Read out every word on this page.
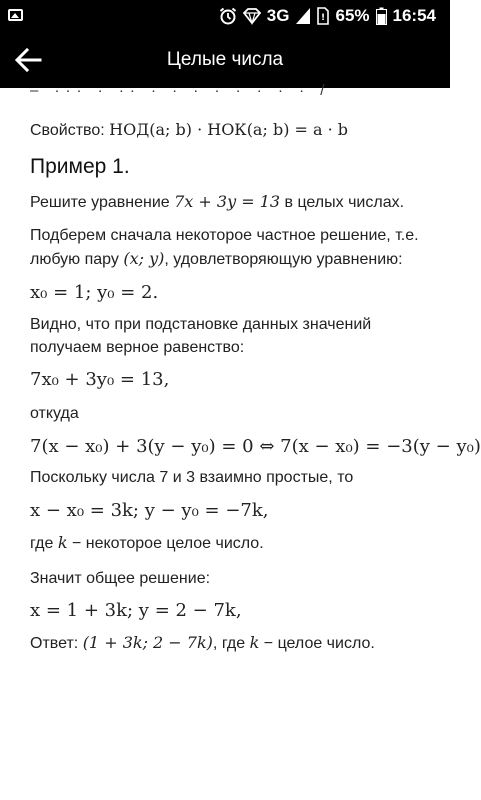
3G	! 65% 16:54
Целые числа
– ··· · ·· · · · · · · · · /

Свойство: НОД(a; b) · НОК(a; b) = a · b

Пример 1.

Решите уравнение 7x + 3y = 13 в целых числах.

Подберем сначала некоторое частное решение, т.е. любую пару (x; y), удовлетворяющую уравнению:

x₀ = 1; y₀ = 2.

Видно, что при подстановке данных значений получаем верное равенство:

7x₀ + 3y₀ = 13,

откуда

7(x − x₀) + 3(y − y₀) = 0 ⇔ 7(x − x₀) = −3(y − y₀)

Поскольку числа 7 и 3 взаимно простые, то

x − x₀ = 3k; y − y₀ = −7k,

где k − некоторое целое число.

Значит общее решение:

x = 1 + 3k; y = 2 − 7k,

Ответ: (1 + 3k; 2 − 7k), где k − целое число.
